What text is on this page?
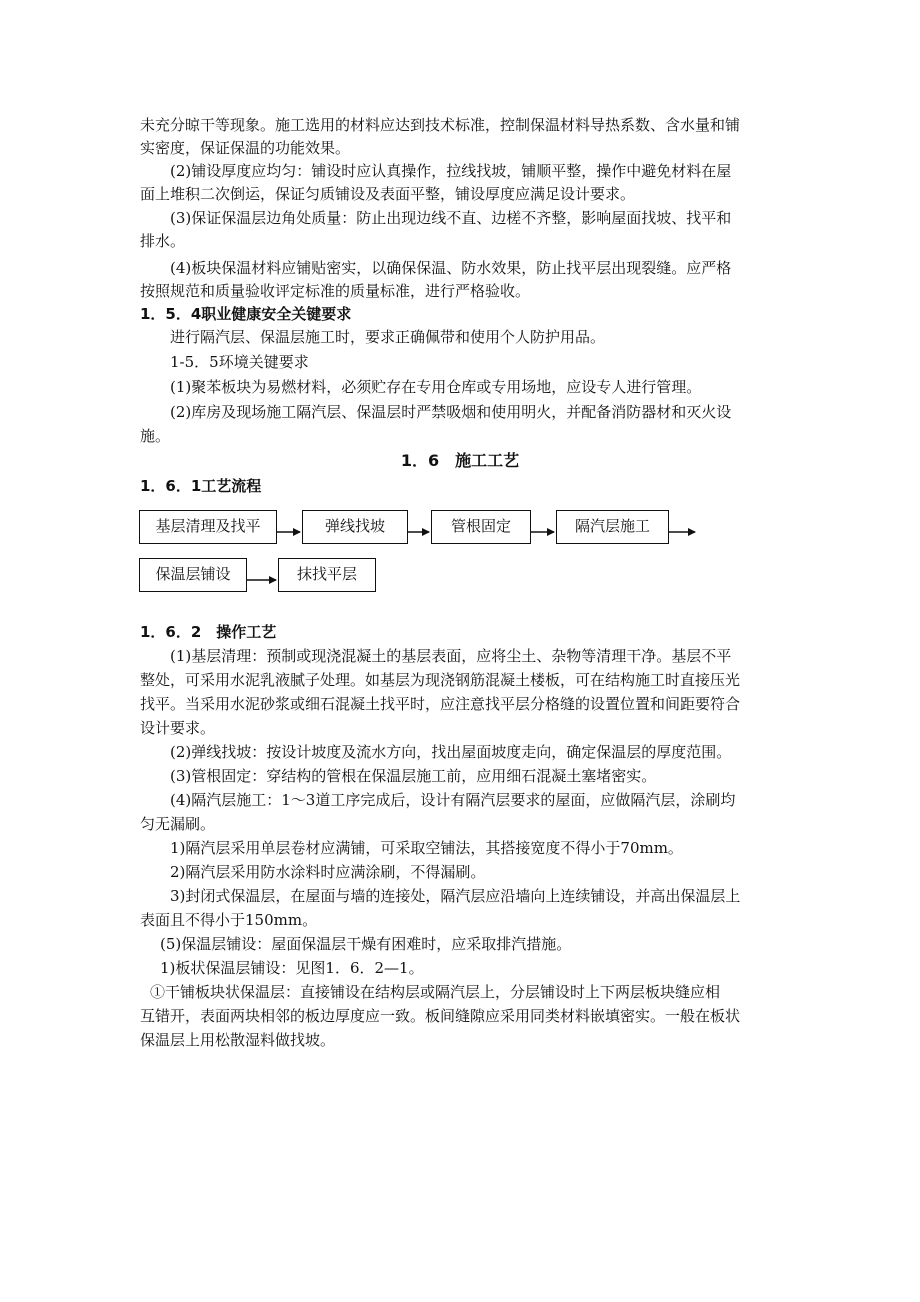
未充分晾干等现象。施工选用的材料应达到技术标准，控制保温材料导热系数、含水量和铺
实密度，保证保温的功能效果。
(2)铺设厚度应均匀：铺设时应认真操作，拉线找坡，铺顺平整，操作中避免材料在屋
面上堆积二次倒运，保证匀质铺设及表面平整，铺设厚度应满足设计要求。
(3)保证保温层边角处质量：防止出现边线不直、边槎不齐整，影响屋面找坡、找平和
排水。
(4)板块保温材料应铺贴密实，以确保保温、防水效果，防止找平层出现裂缝。应严格
按照规范和质量验收评定标准的质量标准，进行严格验收。
1．5．4职业健康安全关键要求
进行隔汽层、保温层施工时，要求正确佩带和使用个人防护用品。
1-5．5环境关键要求
(1)聚苯板块为易燃材料，必须贮存在专用仓库或专用场地，应设专人进行管理。
(2)库房及现场施工隔汽层、保温层时严禁吸烟和使用明火，并配备消防器材和灭火设
施。
1．6　施工工艺
1．6．1工艺流程
基层清理及找平	弹线找坡	管根固定	隔汽层施工
保温层铺设	抹找平层
1．6．2　操作工艺
(1)基层清理：预制或现浇混凝土的基层表面，应将尘土、杂物等清理干净。基层不平
整处，可采用水泥乳液腻子处理。如基层为现浇钢筋混凝土楼板，可在结构施工时直接压光
找平。当采用水泥砂浆或细石混凝土找平时，应注意找平层分格缝的设置位置和间距要符合
设计要求。
(2)弹线找坡：按设计坡度及流水方向，找出屋面坡度走向，确定保温层的厚度范围。
(3)管根固定：穿结构的管根在保温层施工前，应用细石混凝土塞堵密实。
(4)隔汽层施工：1～3道工序完成后，设计有隔汽层要求的屋面，应做隔汽层，涂刷均
匀无漏刷。
1)隔汽层采用单层卷材应满铺，可采取空铺法，其搭接宽度不得小于70mm。
2)隔汽层采用防水涂料时应满涂刷，不得漏刷。
3)封闭式保温层，在屋面与墙的连接处，隔汽层应沿墙向上连续铺设，并高出保温层上
表面且不得小于150mm。
(5)保温层铺设：屋面保温层干燥有困难时，应采取排汽措施。
1)板状保温层铺设：见图1．6．2—1。
①干铺板块状保温层：直接铺设在结构层或隔汽层上，分层铺设时上下两层板块缝应相
互错开，表面两块相邻的板边厚度应一致。板间缝隙应采用同类材料嵌填密实。一般在板状
保温层上用松散湿料做找坡。
